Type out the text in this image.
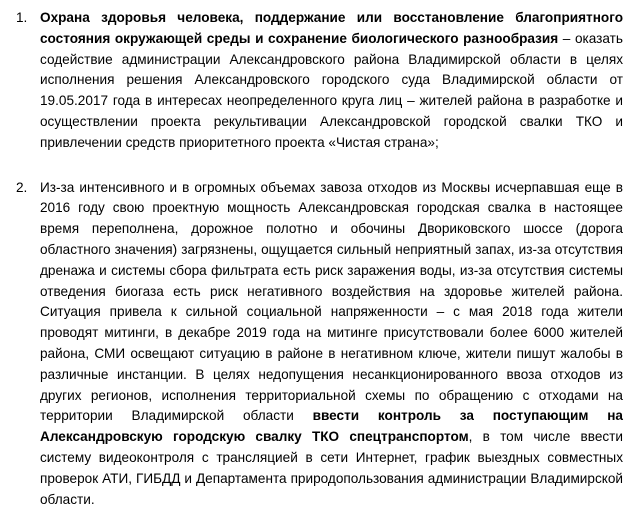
1. Охрана здоровья человека, поддержание или восстановление благоприятного состояния окружающей среды и сохранение биологического разнообразия – оказать содействие администрации Александровского района Владимирской области в целях исполнения решения Александровского городского суда Владимирской области от 19.05.2017 года в интересах неопределенного круга лиц – жителей района в разработке и осуществлении проекта рекультивации Александровской городской свалки ТКО и привлечении средств приоритетного проекта «Чистая страна»;
2. Из-за интенсивного и в огромных объемах завоза отходов из Москвы исчерпавшая еще в 2016 году свою проектную мощность Александровская городская свалка в настоящее время переполнена, дорожное полотно и обочины Двориковского шоссе (дорога областного значения) загрязнены, ощущается сильный неприятный запах, из-за отсутствия дренажа и системы сбора фильтрата есть риск заражения воды, из-за отсутствия системы отведения биогаза есть риск негативного воздействия на здоровье жителей района. Ситуация привела к сильной социальной напряженности – с мая 2018 года жители проводят митинги, в декабре 2019 года на митинге присутствовали более 6000 жителей района, СМИ освещают ситуацию в районе в негативном ключе, жители пишут жалобы в различные инстанции. В целях недопущения несанкционированного ввоза отходов из других регионов, исполнения территориальной схемы по обращению с отходами на территории Владимирской области ввести контроль за поступающим на Александровскую городскую свалку ТКО спецтранспортом, в том числе ввести систему видеоконтроля с трансляцией в сети Интернет, график выездных совместных проверок АТИ, ГИБДД и Департамента природопользования администрации Владимирской области.
